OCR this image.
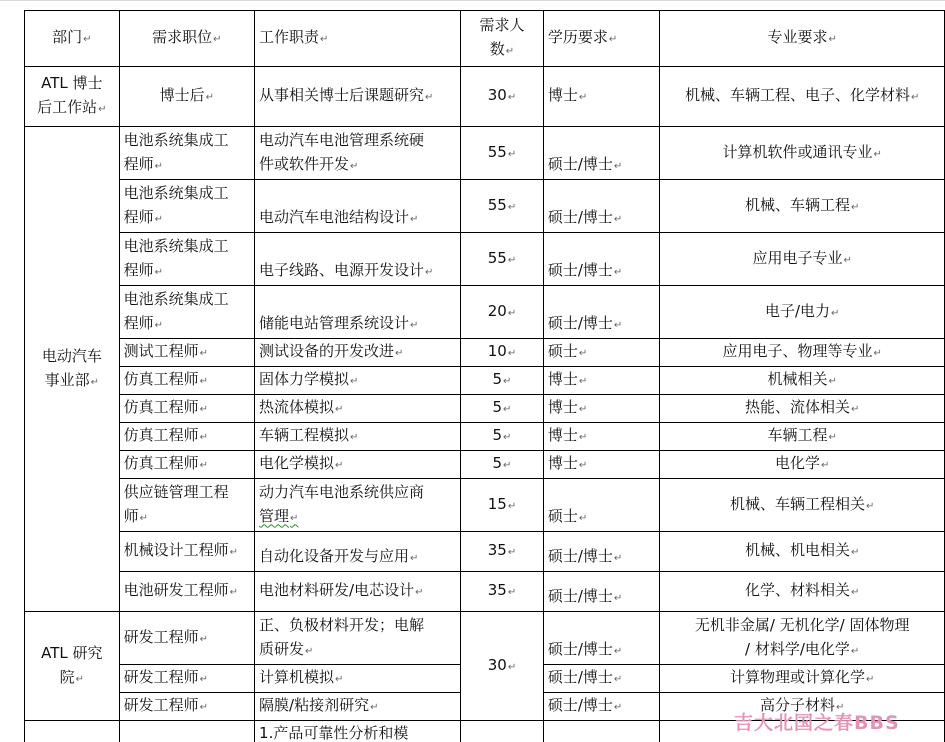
部门 ↵	需求职位 ↵	工作职责 ↵	需求人
数 ↵	学历要求 ↵	专业要求 ↵
ATL 博士
后工作站 ↵	博士后 ↵	从事相关博士后课题研究 ↵	30 ↵	博士 ↵	机械、车辆工程、电子、化学材料 ↵
电动汽车
事业部 ↵	电池系统集成工
程师 ↵	电动汽车电池管理系统硬
件或软件开发 ↵	55 ↵	硕士/博士 ↵	计算机软件或通讯专业 ↵
	电池系统集成工
程师 ↵	电动汽车电池结构设计 ↵	55 ↵	硕士/博士 ↵	机械、车辆工程 ↵
	电池系统集成工
程师 ↵	电子线路、电源开发设计 ↵	55 ↵	硕士/博士 ↵	应用电子专业 ↵
	电池系统集成工
程师 ↵	储能电站管理系统设计 ↵	20 ↵	硕士/博士 ↵	电子/电力 ↵
	测试工程师 ↵	测试设备的开发改进 ↵	10 ↵	硕士 ↵	应用电子、物理等专业 ↵
	仿真工程师 ↵	固体力学模拟 ↵	5 ↵	博士 ↵	机械相关 ↵
	仿真工程师 ↵	热流体模拟 ↵	5 ↵	博士 ↵	热能、流体相关 ↵
	仿真工程师 ↵	车辆工程模拟 ↵	5 ↵	博士 ↵	车辆工程 ↵
	仿真工程师 ↵	电化学模拟 ↵	5 ↵	博士 ↵	电化学 ↵
	供应链管理工程
师 ↵	动力汽车电池系统供应商
管理 ↵	15 ↵	硕士 ↵	机械、车辆工程相关 ↵
	机械设计工程师 ↵	自动化设备开发与应用 ↵	35 ↵	硕士/博士 ↵	机械、机电相关 ↵
	电池研发工程师 ↵	电池材料研发/电芯设计 ↵	35 ↵	硕士/博士 ↵	化学、材料相关 ↵
ATL 研究
院 ↵	研发工程师 ↵	正、负极材料开发；电解
质研发 ↵	30 ↵	硕士/博士 ↵	无机非金属/ 无机化学/ 固体物理
/ 材料学/电化学 ↵
	研发工程师 ↵	计算机模拟 ↵		硕士/博士 ↵	计算物理或计算化学 ↵
	研发工程师 ↵	隔膜/粘接剂研究 ↵		硕士/博士 ↵	高分子材料 ↵
		1.产品可靠性分析和模				吉大北国之春BBS
